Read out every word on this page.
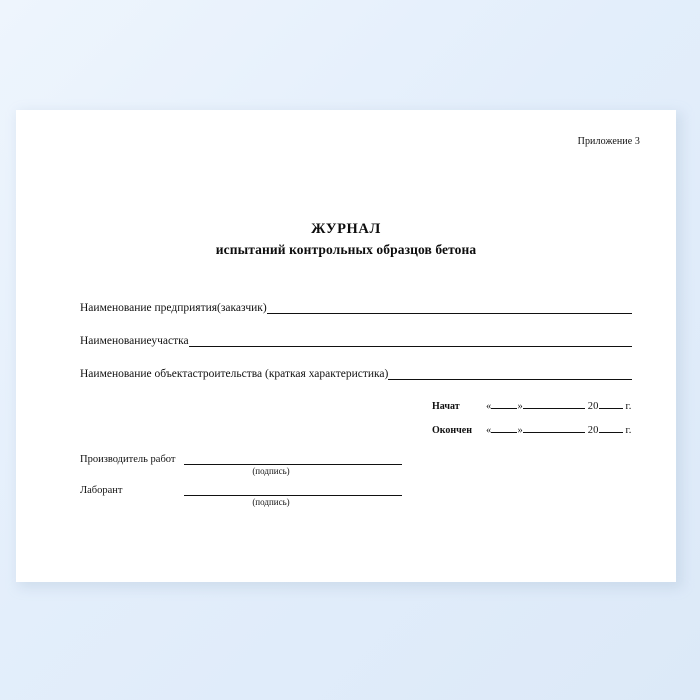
Приложение 3
ЖУРНАЛ
испытаний контрольных образцов бетона
Наименование предприятия(заказчик)
Наименованиеучастка
Наименование объектастроительства (краткая характеристика)
Начат	« »	20	г.
Окончен	« »	20	г.
Производитель работ
(подпись)
Лаборант
(подпись)
